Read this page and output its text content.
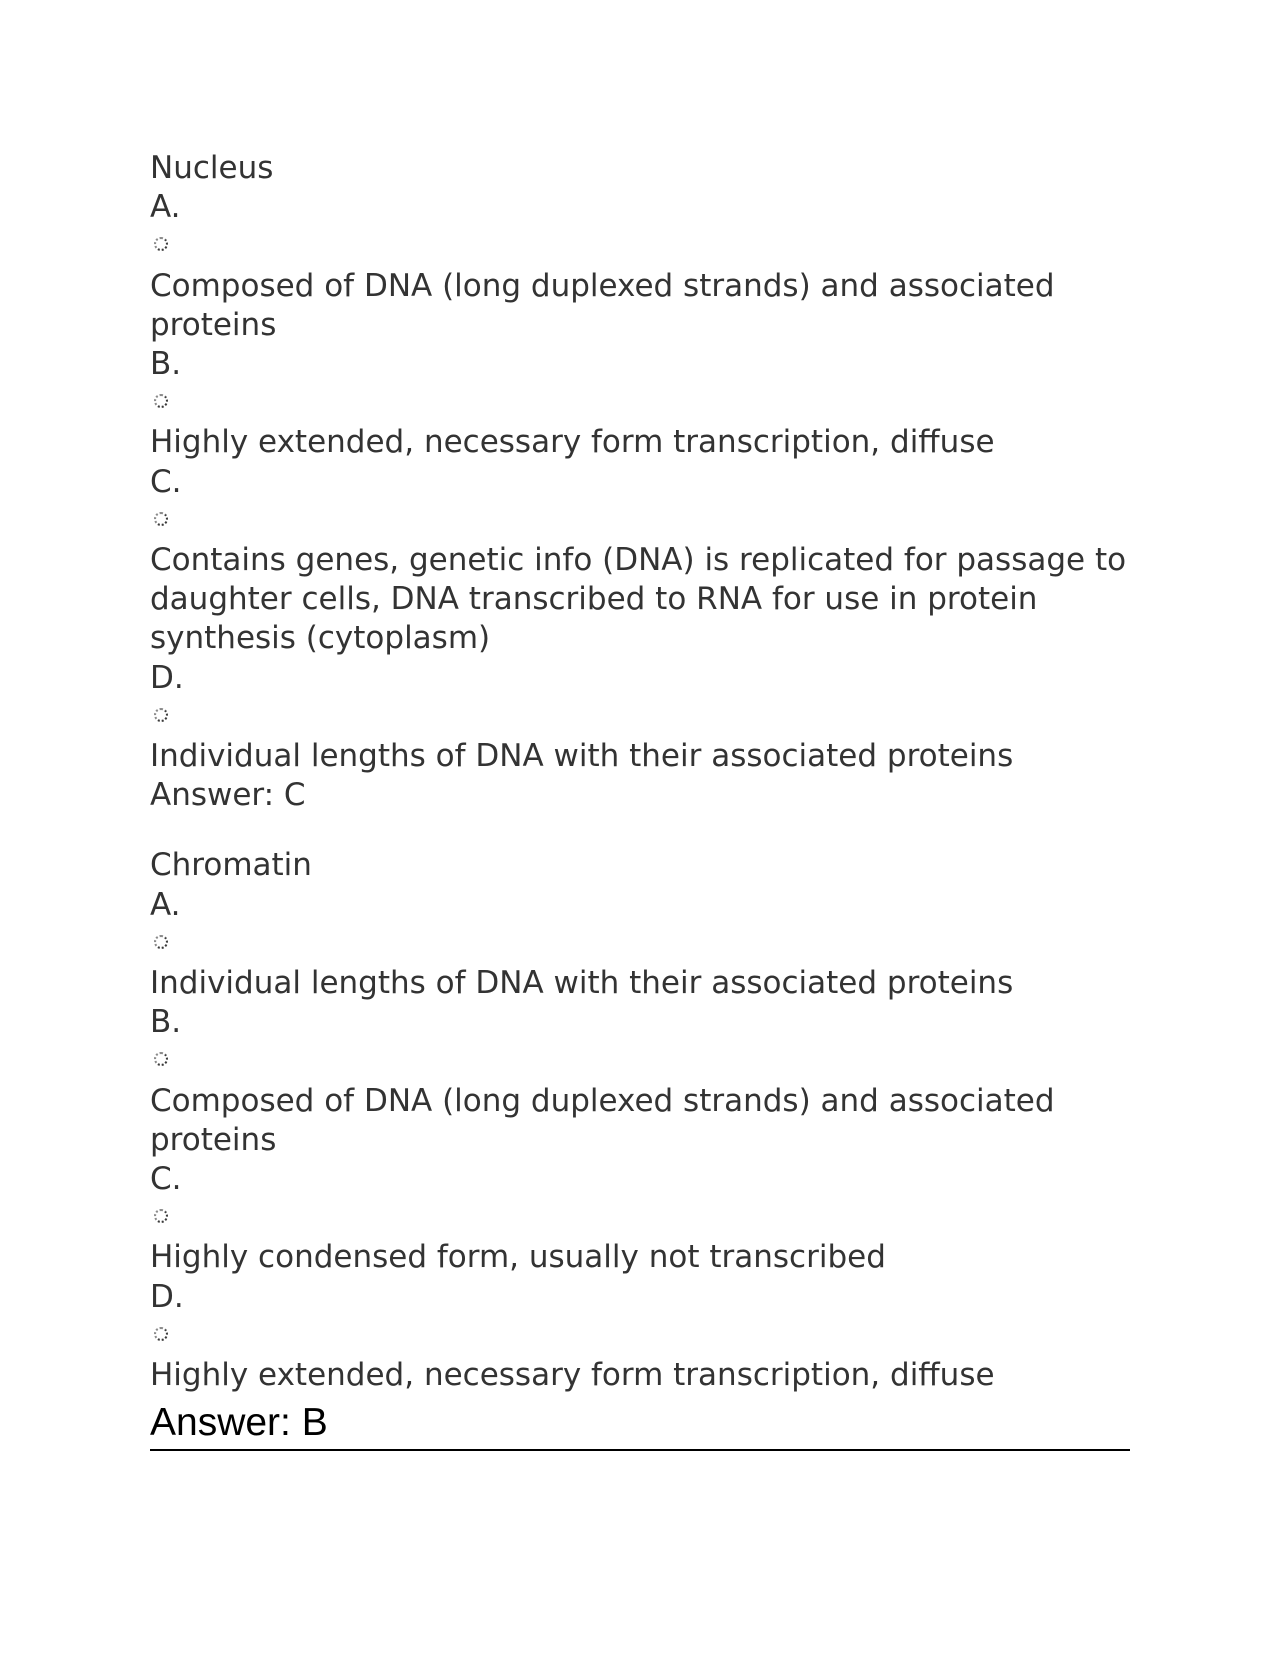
Nucleus
A.
Composed of DNA (long duplexed strands) and associated proteins
B.
Highly extended, necessary form transcription, diffuse
C.
Contains genes, genetic info (DNA) is replicated for passage to daughter cells, DNA transcribed to RNA for use in protein synthesis (cytoplasm)
D.
Individual lengths of DNA with their associated proteins
Answer: C
Chromatin
A.
Individual lengths of DNA with their associated proteins
B.
Composed of DNA (long duplexed strands) and associated proteins
C.
Highly condensed form, usually not transcribed
D.
Highly extended, necessary form transcription, diffuse
Answer: B
